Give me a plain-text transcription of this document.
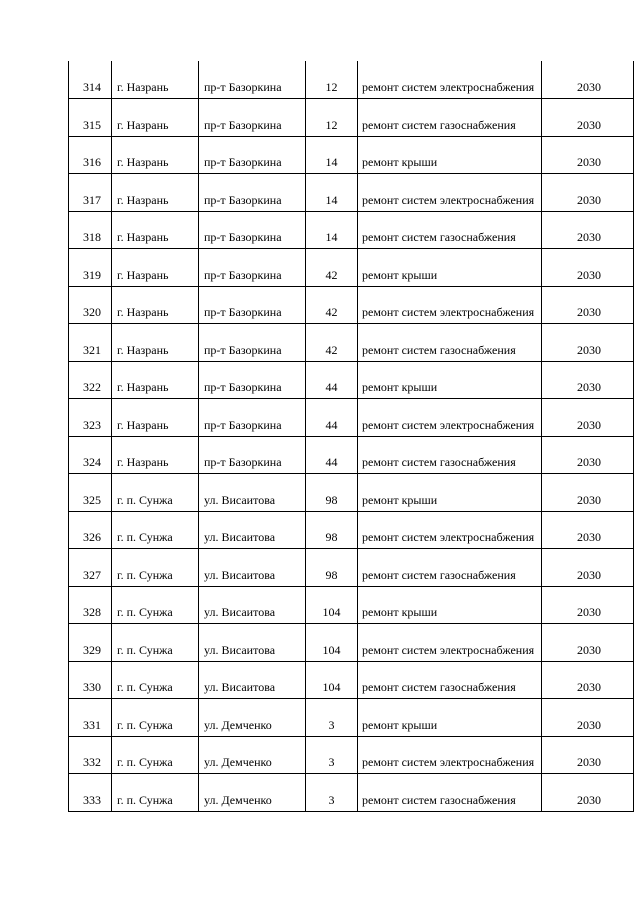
314	г. Назрань	пр-т Базоркина	12	ремонт систем электроснабжения	2030
315	г. Назрань	пр-т Базоркина	12	ремонт систем газоснабжения	2030
316	г. Назрань	пр-т Базоркина	14	ремонт крыши	2030
317	г. Назрань	пр-т Базоркина	14	ремонт систем электроснабжения	2030
318	г. Назрань	пр-т Базоркина	14	ремонт систем газоснабжения	2030
319	г. Назрань	пр-т Базоркина	42	ремонт крыши	2030
320	г. Назрань	пр-т Базоркина	42	ремонт систем электроснабжения	2030
321	г. Назрань	пр-т Базоркина	42	ремонт систем газоснабжения	2030
322	г. Назрань	пр-т Базоркина	44	ремонт крыши	2030
323	г. Назрань	пр-т Базоркина	44	ремонт систем электроснабжения	2030
324	г. Назрань	пр-т Базоркина	44	ремонт систем газоснабжения	2030
325	г. п. Сунжа	ул. Висаитова	98	ремонт крыши	2030
326	г. п. Сунжа	ул. Висаитова	98	ремонт систем электроснабжения	2030
327	г. п. Сунжа	ул. Висаитова	98	ремонт систем газоснабжения	2030
328	г. п. Сунжа	ул. Висаитова	104	ремонт крыши	2030
329	г. п. Сунжа	ул. Висаитова	104	ремонт систем электроснабжения	2030
330	г. п. Сунжа	ул. Висаитова	104	ремонт систем газоснабжения	2030
331	г. п. Сунжа	ул. Демченко	3	ремонт крыши	2030
332	г. п. Сунжа	ул. Демченко	3	ремонт систем электроснабжения	2030
333	г. п. Сунжа	ул. Демченко	3	ремонт систем газоснабжения	2030
